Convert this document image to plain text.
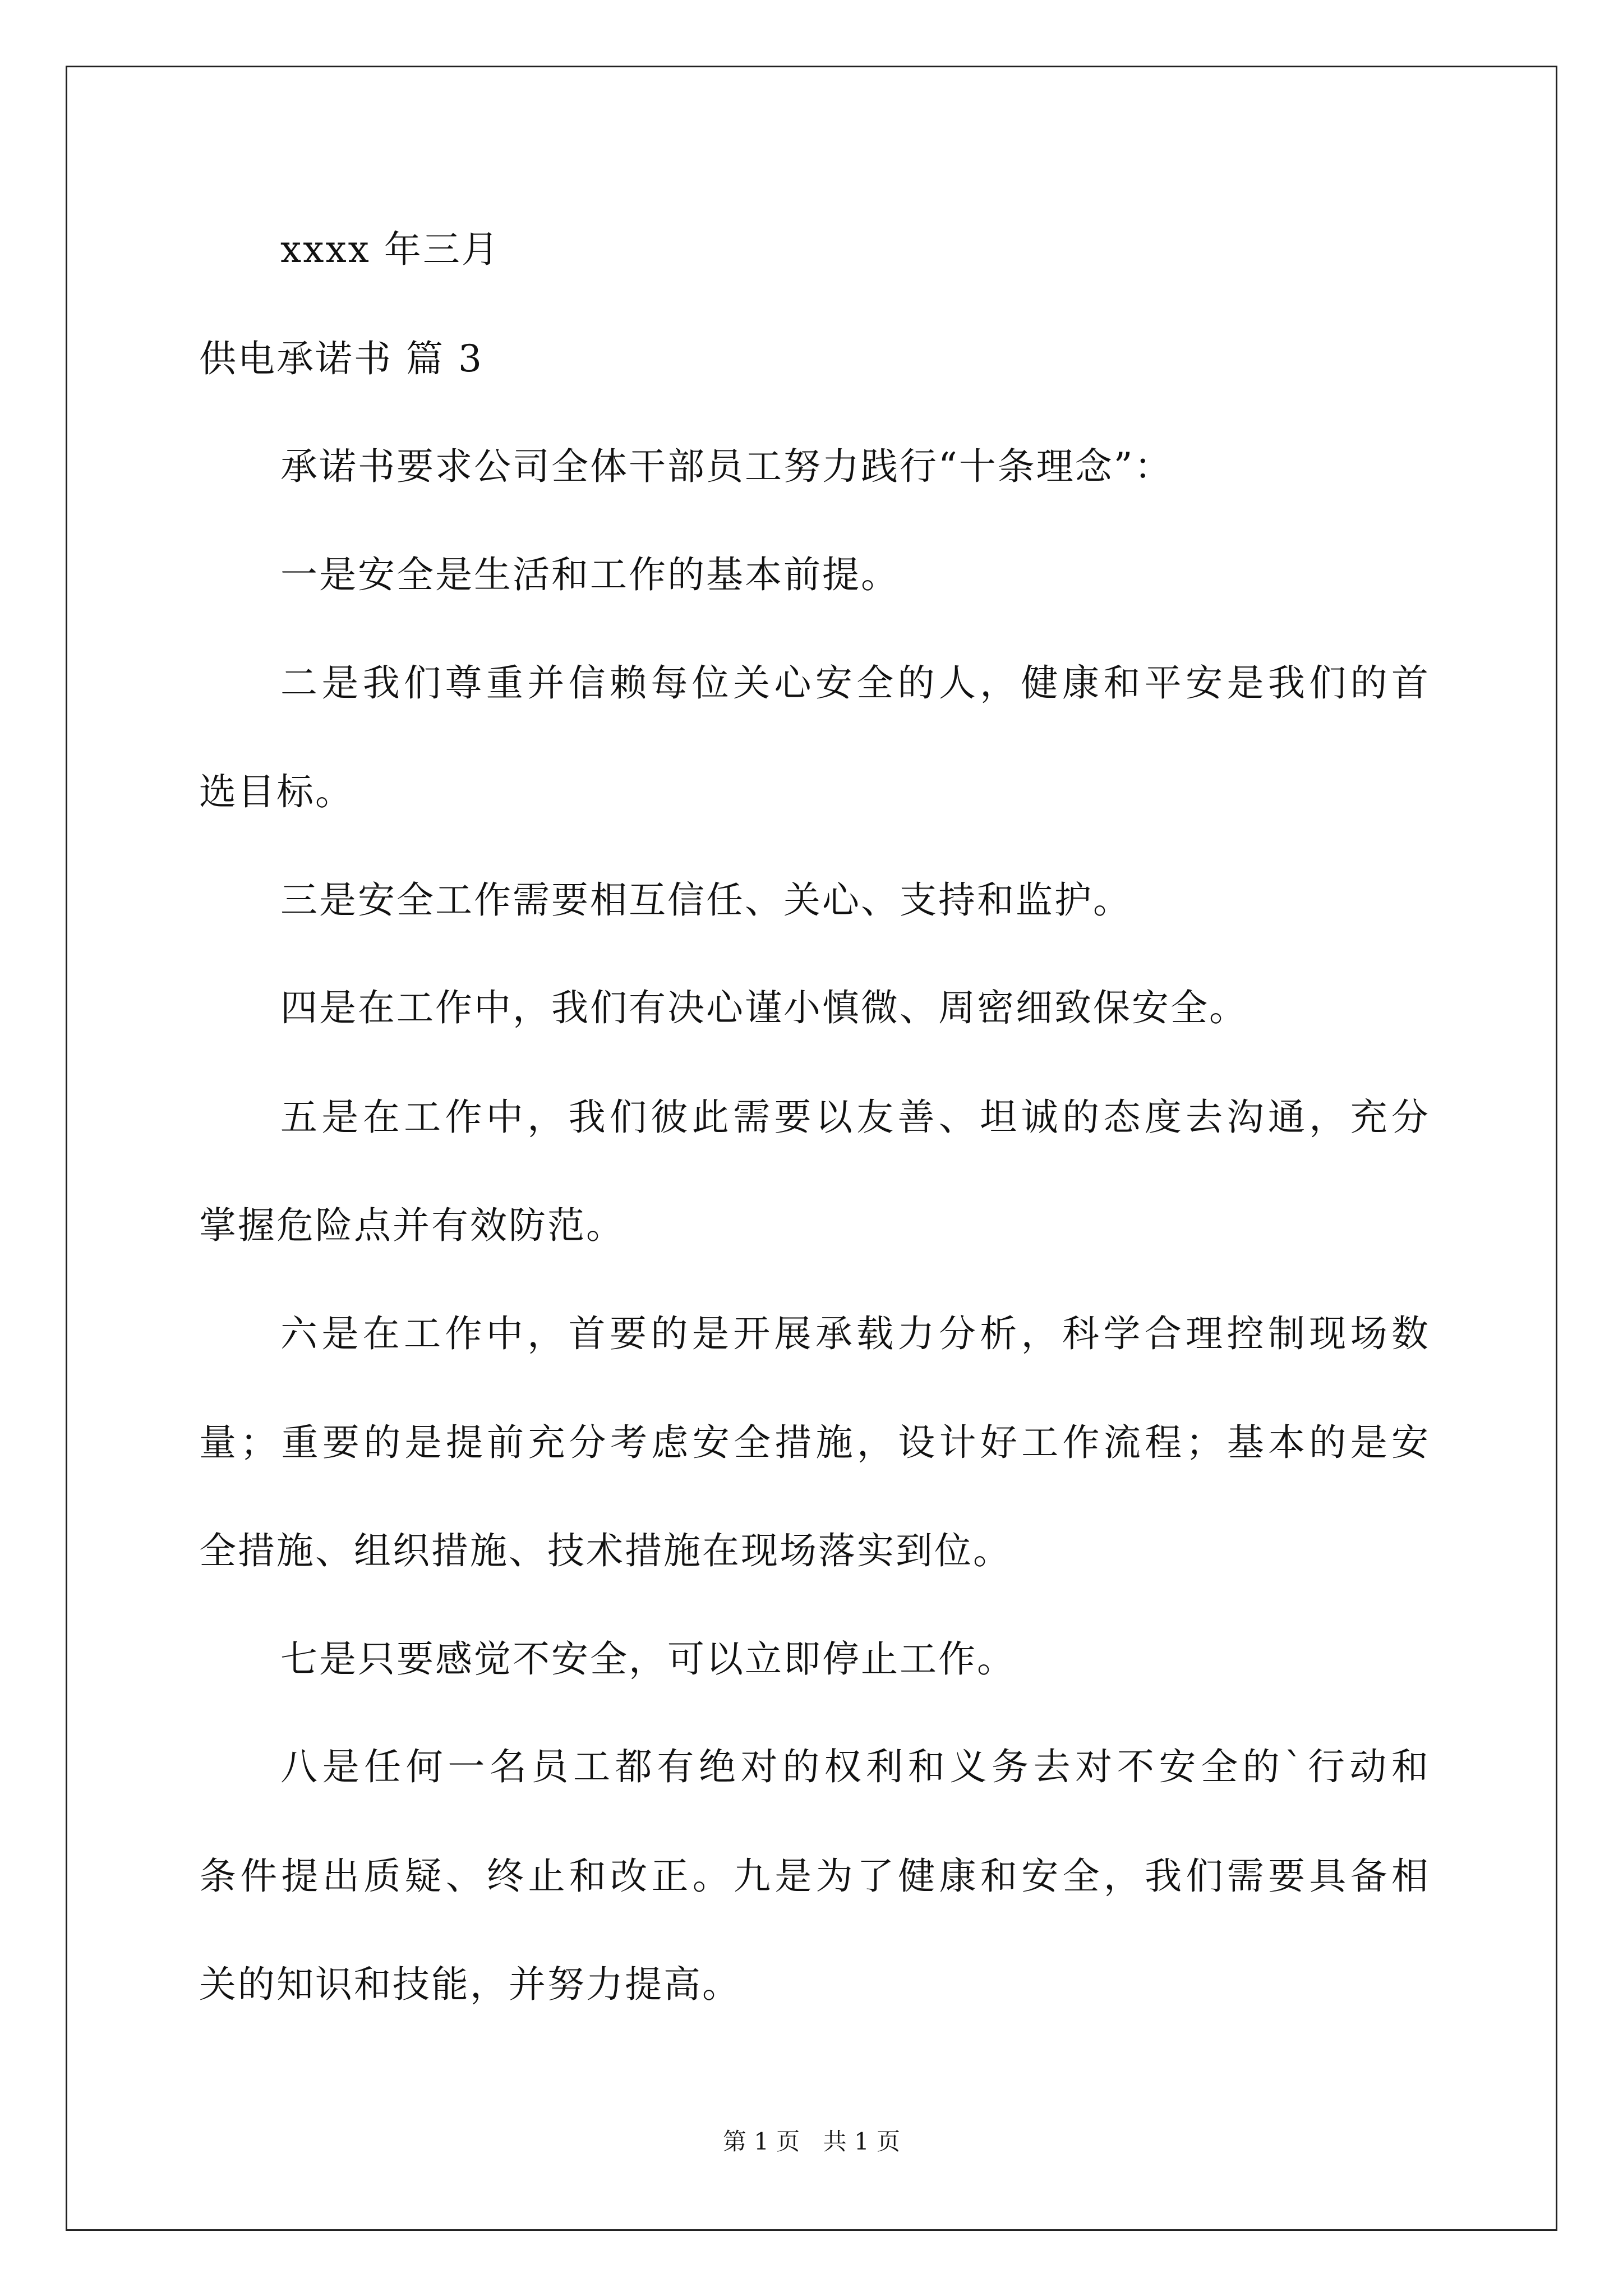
xxxx 年三月
供电承诺书 篇 3
承诺书要求公司全体干部员工努力践行“十条理念”：
一是安全是生活和工作的基本前提。
二是我们尊重并信赖每位关心安全的人，健康和平安是我们的首
选目标。
三是安全工作需要相互信任、关心、支持和监护。
四是在工作中，我们有决心谨小慎微、周密细致保安全。
五是在工作中，我们彼此需要以友善、坦诚的态度去沟通，充分
掌握危险点并有效防范。
六是在工作中，首要的是开展承载力分析，科学合理控制现场数
量；重要的是提前充分考虑安全措施，设计好工作流程；基本的是安
全措施、组织措施、技术措施在现场落实到位。
七是只要感觉不安全，可以立即停止工作。
八是任何一名员工都有绝对的权利和义务去对不安全的`行动和
条件提出质疑、终止和改正。九是为了健康和安全，我们需要具备相
关的知识和技能，并努力提高。
第 1 页 共 1 页
